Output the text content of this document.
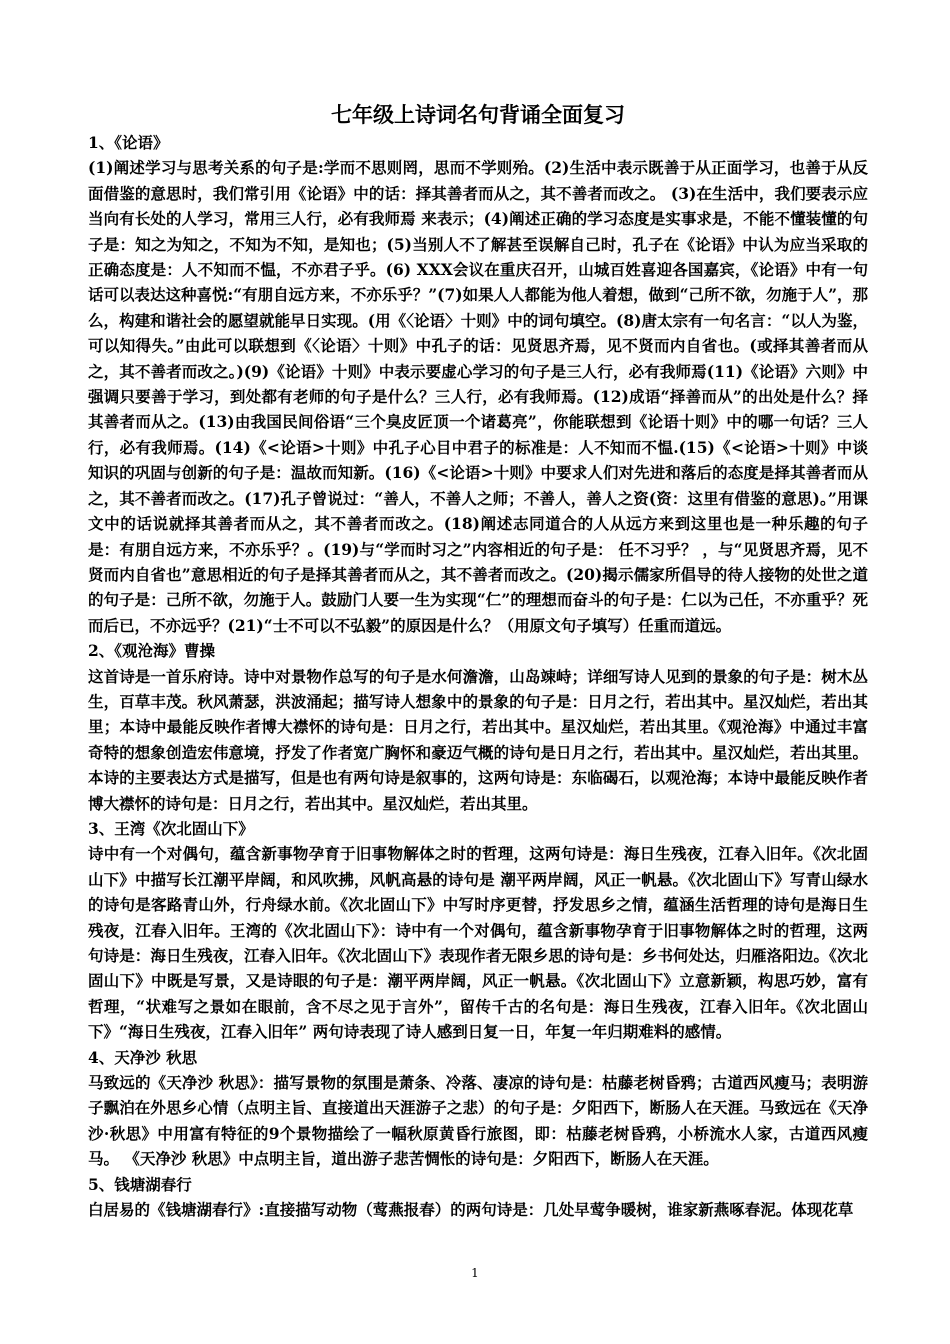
七年级上诗词名句背诵全面复习
1、《论语》
(1)阐述学习与思考关系的句子是:学而不思则罔，思而不学则殆。(2)生活中表示既善于从正面学习，也善于从反面借鉴的意思时，我们常引用《论语》中的话：择其善者而从之，其不善者而改之。 (3)在生活中，我们要表示应当向有长处的人学习，常用三人行，必有我师焉 来表示；(4)阐述正确的学习态度是实事求是，不能不懂装懂的句子是：知之为知之，不知为不知，是知也；(5)当别人不了解甚至误解自己时，孔子在《论语》中认为应当采取的正确态度是：人不知而不愠，不亦君子乎。(6) XXX会议在重庆召开，山城百姓喜迎各国嘉宾，《论语》中有一句话可以表达这种喜悦:“有朋自远方来，不亦乐乎？”(7)如果人人都能为他人着想，做到“己所不欲，勿施于人”，那么，构建和谐社会的愿望就能早日实现。(用《〈论语〉十则》中的词句填空。(8)唐太宗有一句名言：“以人为鉴，可以知得失。”由此可以联想到《〈论语〉十则》中孔子的话：见贤思齐焉，见不贤而内自省也。(或择其善者而从之，其不善者而改之。)(9)《论语》十则》中表示要虚心学习的句子是三人行，必有我师焉(11)《论语》六则》中强调只要善于学习，到处都有老师的句子是什么？三人行，必有我师焉。(12)成语“择善而从”的出处是什么？择其善者而从之。(13)由我国民间俗语“三个臭皮匠顶一个诸葛亮”，你能联想到《论语十则》中的哪一句话？三人行，必有我师焉。(14)《<论语>十则》中孔子心目中君子的标准是：人不知而不愠.(15)《<论语>十则》中谈知识的巩固与创新的句子是：温故而知新。(16)《<论语>十则》中要求人们对先进和落后的态度是择其善者而从之，其不善者而改之。(17)孔子曾说过：“善人，不善人之师；不善人，善人之资(资：这里有借鉴的意思)。”用课文中的话说就择其善者而从之，其不善者而改之。(18)阐述志同道合的人从远方来到这里也是一种乐趣的句子是：有朋自远方来，不亦乐乎？。(19)与“学而时习之”内容相近的句子是： 任不习乎？ ，与“见贤思齐焉，见不贤而内自省也”意思相近的句子是择其善者而从之，其不善者而改之。(20)揭示儒家所倡导的待人接物的处世之道的句子是：己所不欲，勿施于人。鼓励门人要一生为实现“仁”的理想而奋斗的句子是：仁以为己任，不亦重乎？死而后已，不亦远乎？(21)“士不可以不弘毅”的原因是什么？（用原文句子填写）任重而道远。
2、《观沧海》曹操
这首诗是一首乐府诗。诗中对景物作总写的句子是水何澹澹，山岛竦峙；详细写诗人见到的景象的句子是：树木丛生，百草丰茂。秋风萧瑟，洪波涌起；描写诗人想象中的景象的句子是：日月之行，若出其中。星汉灿烂，若出其里；本诗中最能反映作者博大襟怀的诗句是：日月之行，若出其中。星汉灿烂，若出其里。《观沧海》中通过丰富奇特的想象创造宏伟意境，抒发了作者宽广胸怀和豪迈气概的诗句是日月之行，若出其中。星汉灿烂，若出其里。本诗的主要表达方式是描写，但是也有两句诗是叙事的，这两句诗是：东临碣石，以观沧海；本诗中最能反映作者博大襟怀的诗句是：日月之行，若出其中。星汉灿烂，若出其里。
3、王湾《次北固山下》
诗中有一个对偶句，蕴含新事物孕育于旧事物解体之时的哲理，这两句诗是：海日生残夜，江春入旧年。《次北固山下》中描写长江潮平岸阔，和风吹拂，风帆高悬的诗句是 潮平两岸阔，风正一帆悬。《次北固山下》写青山绿水的诗句是客路青山外，行舟绿水前。《次北固山下》中写时序更替，抒发思乡之情，蕴涵生活哲理的诗句是海日生残夜，江春入旧年。王湾的《次北固山下》：诗中有一个对偶句，蕴含新事物孕育于旧事物解体之时的哲理，这两句诗是：海日生残夜，江春入旧年。《次北固山下》表现作者无限乡思的诗句是：乡书何处达，归雁洛阳边。《次北固山下》中既是写景，又是诗眼的句子是：潮平两岸阔，风正一帆悬。《次北固山下》立意新颖，构思巧妙，富有哲理，“状难写之景如在眼前，含不尽之见于言外”，留传千古的名句是：海日生残夜，江春入旧年。《次北固山下》“海日生残夜，江春入旧年” 两句诗表现了诗人感到日复一日，年复一年归期难料的感情。
4、天净沙 秋思
马致远的《天净沙 秋思》：描写景物的氛围是萧条、冷落、凄凉的诗句是：枯藤老树昏鸦；古道西风瘦马；表明游子飘泊在外思乡心情（点明主旨、直接道出天涯游子之悲）的句子是：夕阳西下，断肠人在天涯。马致远在《天净沙·秋思》中用富有特征的9个景物描绘了一幅秋原黄昏行旅图，即：枯藤老树昏鸦，小桥流水人家，古道西风瘦马。 《天净沙 秋思》中点明主旨，道出游子悲苦惆怅的诗句是：夕阳西下，断肠人在天涯。
5、钱塘湖春行
白居易的《钱塘湖春行》:直接描写动物（莺燕报春）的两句诗是：几处早莺争暖树，谁家新燕啄春泥。体现花草
1
